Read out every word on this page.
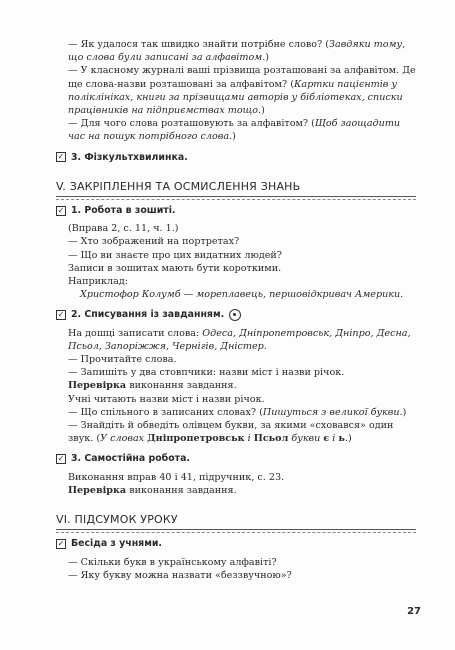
— Як удалося так швидко знайти потрібне слово? (Завдяки тому, що слова були записані за алфавітом.)

— У класному журналі ваші прізвища розташовані за алфавітом. Де ще слова-назви розташовані за алфавітом? (Картки пацієнтів у поліклініках, книги за прізвищами авторів у бібліотеках, списки працівників на підприємствах тощо.)

— Для чого слова розташовують за алфавітом? (Щоб заощадити час на пошук потрібного слова.)

✓ 3. Фізкультхвилинка.
V. ЗАКРІПЛЕННЯ ТА ОСМИСЛЕННЯ ЗНАНЬ
✓ 1. Робота в зошиті.

(Вправа 2, с. 11, ч. 1.)

— Хто зображений на портретах?

— Що ви знаєте про цих видатних людей?

Записи в зошитах мають бути короткими.

Наприклад:

Христофор Колумб — мореплавець, першовідкривач Америки.

✓ 2. Списування із завданням.

На дошці записати слова: Одеса, Дніпропетровськ, Дніпро, Десна, Псьол, Запоріжжя, Чернігів, Дністер.

— Прочитайте слова.

— Запишіть у два стовпчики: назви міст і назви річок.

Перевірка виконання завдання.

Учні читають назви міст і назви річок.

— Що спільного в записаних словах? (Пишуться з великої букви.)

— Знайдіть й обведіть олівцем букви, за якими «сховався» один звук. (У словах Дніпропетровськ і Псьол букви є і ь.)

✓ 3. Самостійна робота.

Виконання вправ 40 і 41, підручник, с. 23.

Перевірка виконання завдання.

VI. ПІДСУМОК УРОКУ
✓ Бесіда з учнями.

— Скільки букв в українському алфавіті?

— Яку букву можна назвати «беззвучною»?

27
